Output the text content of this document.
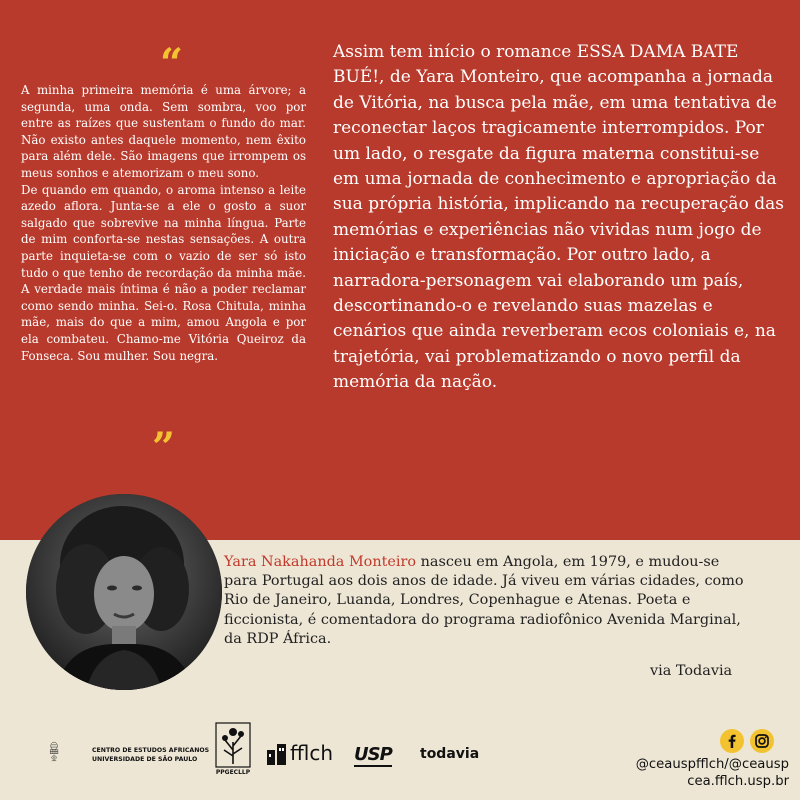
“

A minha primeira memória é uma árvore; a segunda, uma onda. Sem sombra, voo por entre as raízes que sustentam o fundo do mar. Não existo antes daquele momento, nem êxito para além dele. São imagens que irrompem os meus sonhos e atemorizam o meu sono.

De quando em quando, o aroma intenso a leite azedo aflora. Junta-se a ele o gosto a suor salgado que sobrevive na minha língua. Parte de mim conforta-se nestas sensações. A outra parte inquieta-se com o vazio de ser só isto tudo o que tenho de recordação da minha mãe. A verdade mais íntima é não a poder reclamar como sendo minha. Sei-o. Rosa Chitula, minha mãe, mais do que a mim, amou Angola e por ela combateu. Chamo-me Vitória Queiroz da Fonseca. Sou mulher. Sou negra.

”
Assim tem início o romance ESSA DAMA BATE BUÉ!, de Yara Monteiro, que acompanha a jornada de Vitória, na busca pela mãe, em uma tentativa de reconectar laços tragicamente interrompidos. Por um lado, o resgate da figura materna constitui-se em uma jornada de conhecimento e apropriação da sua própria história, implicando na recuperação das memórias e experiências não vividas num jogo de iniciação e transformação. Por outro lado, a narradora-personagem vai elaborando um país, descortinando-o e revelando suas mazelas e cenários que ainda reverberam ecos coloniais e, na trajetória, vai problematizando o novo perfil da memória da nação.
Yara Nakahanda Monteiro nasceu em Angola, em 1979, e mudou-se
para Portugal aos dois anos de idade. Já viveu em várias cidades, como
Rio de Janeiro, Luanda, Londres, Copenhague e Atenas. Poeta e
ficcionista, é comentadora do programa radiofônico Avenida Marginal,
da RDP África.
via Todavia
CENTRO DE ESTUDOS AFRICANOS
UNIVERSIDADE DE SÃO PAULO
PPGECLLP
fflch USP	todavia
@ceauspfflch/@ceausp
cea.fflch.usp.br
